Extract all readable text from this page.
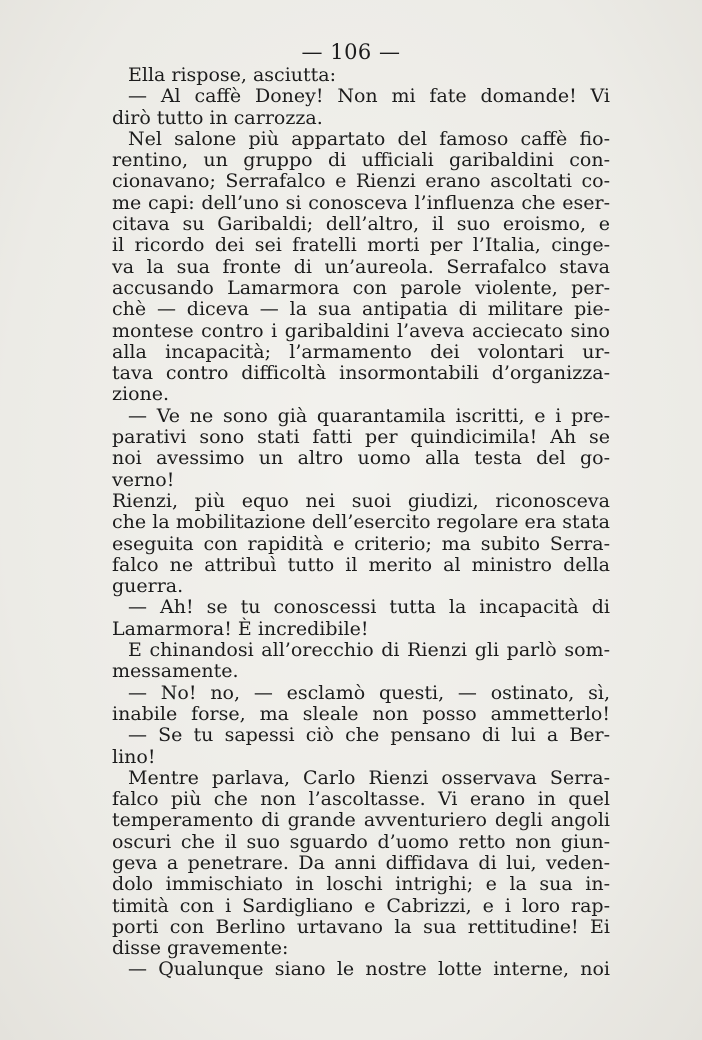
— 106 —
Ella rispose, asciutta:
— Al caffè Doney! Non mi fate domande! Vi
dirò tutto in carrozza.
Nel salone più appartato del famoso caffè fio-
rentino, un gruppo di ufficiali garibaldini con-
cionavano; Serrafalco e Rienzi erano ascoltati co-
me capi: dell’uno si conosceva l’influenza che eser-
citava su Garibaldi; dell’altro, il suo eroismo, e
il ricordo dei sei fratelli morti per l’Italia, cinge-
va la sua fronte di un’aureola. Serrafalco stava
accusando Lamarmora con parole violente, per-
chè — diceva — la sua antipatia di militare pie-
montese contro i garibaldini l’aveva acciecato sino
alla incapacità; l’armamento dei volontari ur-
tava contro difficoltà insormontabili d’organizza-
zione.
— Ve ne sono già quarantamila iscritti, e i pre-
parativi sono stati fatti per quindicimila! Ah se
noi avessimo un altro uomo alla testa del go-
verno!
Rienzi, più equo nei suoi giudizi, riconosceva
che la mobilitazione dell’esercito regolare era stata
eseguita con rapidità e criterio; ma subito Serra-
falco ne attribuì tutto il merito al ministro della
guerra.
— Ah! se tu conoscessi tutta la incapacità di
Lamarmora! È incredibile!
E chinandosi all’orecchio di Rienzi gli parlò som-
messamente.
— No! no, — esclamò questi, — ostinato, sì,
inabile forse, ma sleale non posso ammetterlo!
— Se tu sapessi ciò che pensano di lui a Ber-
lino!
Mentre parlava, Carlo Rienzi osservava Serra-
falco più che non l’ascoltasse. Vi erano in quel
temperamento di grande avventuriero degli angoli
oscuri che il suo sguardo d’uomo retto non giun-
geva a penetrare. Da anni diffidava di lui, veden-
dolo immischiato in loschi intrighi; e la sua in-
timità con i Sardigliano e Cabrizzi, e i loro rap-
porti con Berlino urtavano la sua rettitudine! Ei
disse gravemente:
— Qualunque siano le nostre lotte interne, noi
